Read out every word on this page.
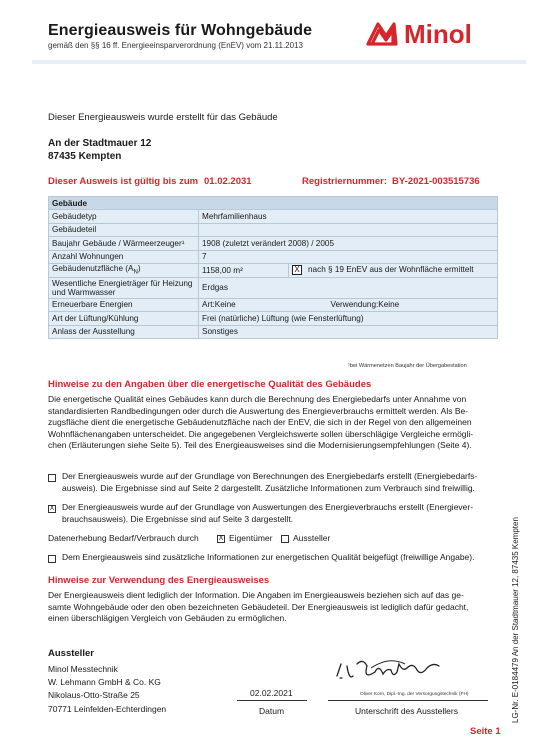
Energieausweis für Wohngebäude
gemäß den §§ 16 ff. Energieeinsparverordnung (EnEV) vom 21.11.2013	Minol
Dieser Energieausweis wurde erstellt für das Gebäude
An der Stadtmauer 12
87435 Kempten
Dieser Ausweis ist gültig bis zum 01.02.2031	Registriernummer: BY-2021-003515736
Gebäude		
Gebäudetyp	Mehrfamilienhaus	
Gebäudeteil		
Baujahr Gebäude / Wärmeerzeuger¹	1908 (zuletzt verändert 2008) / 2005	
Anzahl Wohnungen	7	
Gebäudenutzfläche $(A_N)$	1158,00 m²	X nach § 19 EnEV aus der Wohnfläche ermittelt
Wesentliche Energieträger für Heizung und Warmwasser	Erdgas	
Erneuerbare Energien	Art:Keine Verwendung:Keine	

Art der Lüftung/Kühlung	Frei (natürliche) Lüftung (wie Fensterlüftung)	
Anlass der Ausstellung	Sonstiges	
¹bei Wärmenetzen Baujahr der Übergabestation
Hinweise zu den Angaben über die energetische Qualität des Gebäudes
Die energetische Qualität eines Gebäudes kann durch die Berechnung des Energiebedarfs unter Annahme von
standardisierten Randbedingungen oder durch die Auswertung des Energieverbrauchs ermittelt werden. Als Be-
zugsfläche dient die energetische Gebäudenutzfläche nach der EnEV, die sich in der Regel von den allgemeinen
Wohnflächenangaben unterscheidet. Die angegebenen Vergleichswerte sollen überschlägige Vergleiche ermögli-
chen (Erläuterungen siehe Seite 5). Teil des Energieausweises sind die Modernisierungsempfehlungen (Seite 4).
Der Energieausweis wurde auf der Grundlage von Berechnungen des Energiebedarfs erstellt (Energiebedarfs-
ausweis). Die Ergebnisse sind auf Seite 2 dargestellt. Zusätzliche Informationen zum Verbrauch sind freiwillig.
X Der Energieausweis wurde auf der Grundlage von Auswertungen des Energieverbrauchs erstellt (Energiever-
brauchsausweis). Die Ergebnisse sind auf Seite 3 dargestellt.
Datenerhebung Bedarf/Verbrauch durch	X Eigentümer Aussteller
Dem Energieausweis sind zusätzliche Informationen zur energetischen Qualität beigefügt (freiwillige Angabe).
Hinweise zur Verwendung des Energieausweises
Der Energieausweis dient lediglich der Information. Die Angaben im Energieausweis beziehen sich auf das ge-
samte Wohngebäude oder den oben bezeichneten Gebäudeteil. Der Energieausweis ist lediglich dafür gedacht,
einen überschlägigen Vergleich von Gebäuden zu ermöglichen.
Aussteller
Minol Messtechnik
W. Lehmann GmbH & Co. KG
Nikolaus-Otto-Straße 25
70771 Leinfelden-Echterdingen
02.02.2021	Oliver Korn, Dipl.-Ing. der Versorgungstechnik (FH)
Datum	Unterschrift des Ausstellers
Seite 1
LG-Nr. E-0184479 An der Stadtmauer 12, 87435 Kempten
